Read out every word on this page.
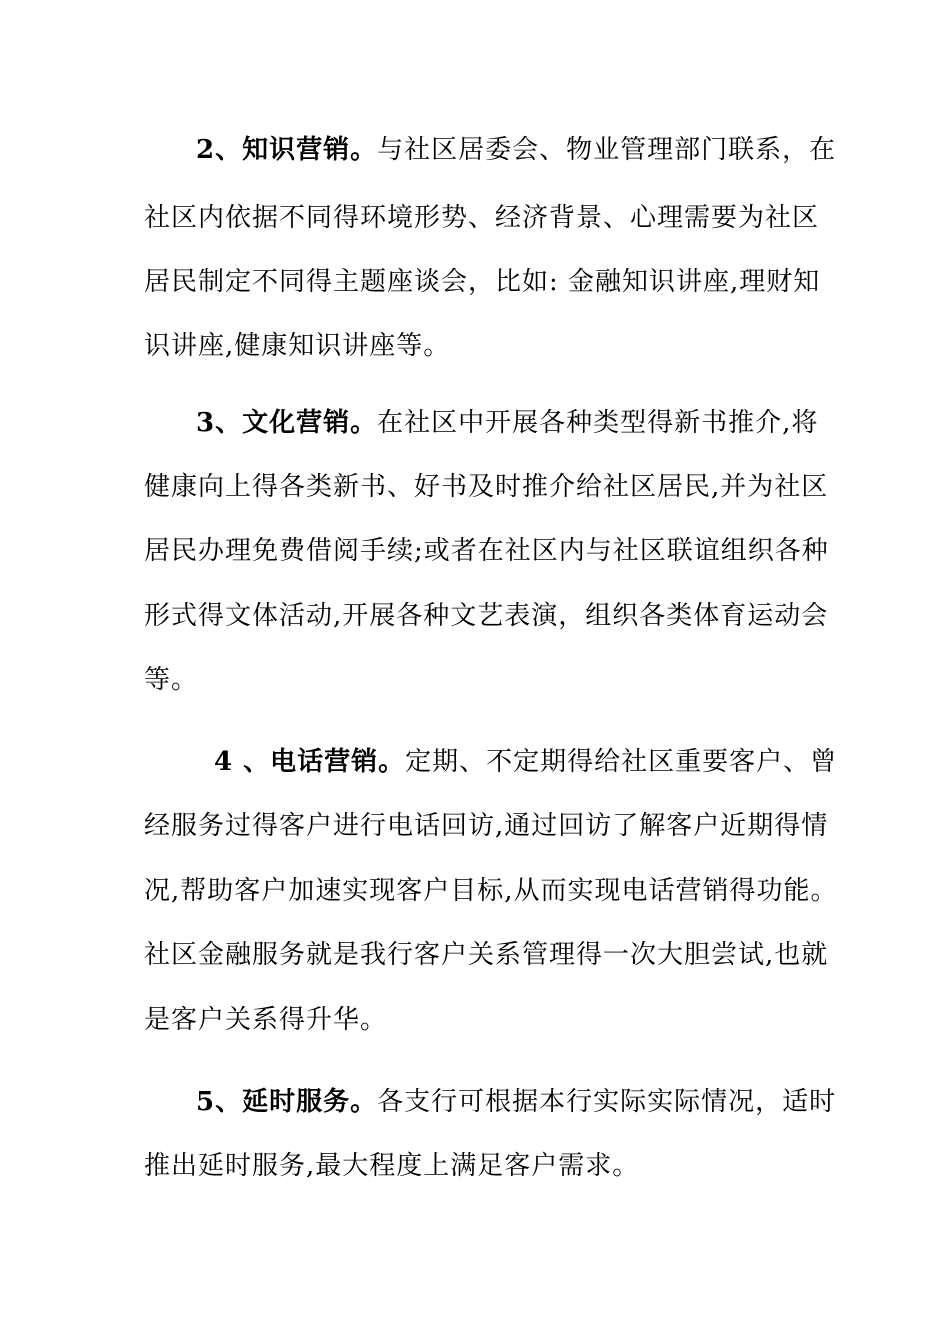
2、知识营销。与社区居委会、物业管理部门联系，在
社区内依据不同得环境形势、经济背景、心理需要为社区
居民制定不同得主题座谈会，比如: 金融知识讲座,理财知
识讲座,健康知识讲座等。
3、文化营销。在社区中开展各种类型得新书推介,将
健康向上得各类新书、好书及时推介给社区居民,并为社区
居民办理免费借阅手续;或者在社区内与社区联谊组织各种
形式得文体活动,开展各种文艺表演，组织各类体育运动会
等。
4 、电话营销。定期、不定期得给社区重要客户、曾
经服务过得客户进行电话回访,通过回访了解客户近期得情
况,帮助客户加速实现客户目标,从而实现电话营销得功能。
社区金融服务就是我行客户关系管理得一次大胆尝试,也就
是客户关系得升华。
5、延时服务。各支行可根据本行实际实际情况，适时
推出延时服务,最大程度上满足客户需求。
